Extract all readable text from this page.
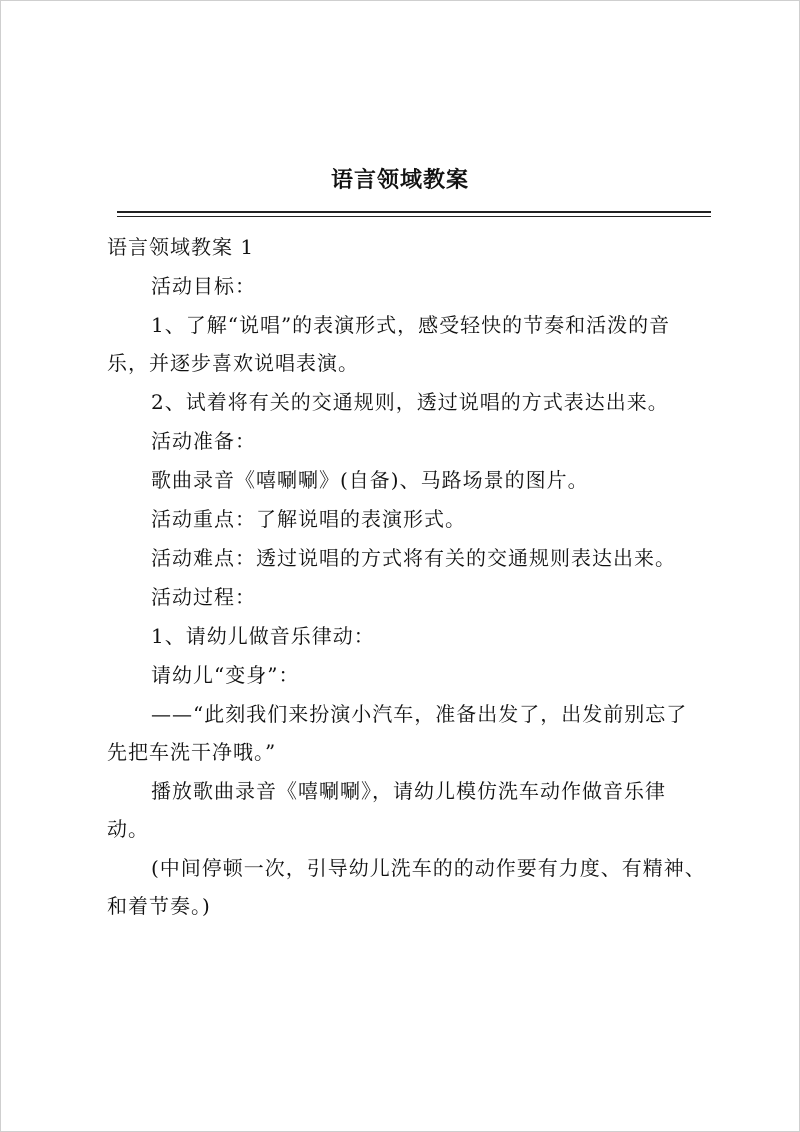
语言领域教案

语言领域教案 1

活动目标：

1、了解“说唱”的表演形式，感受轻快的节奏和活泼的音乐，并逐步喜欢说唱表演。

2、试着将有关的交通规则，透过说唱的方式表达出来。

活动准备：

歌曲录音《嘻唰唰》(自备)、马路场景的图片。

活动重点：了解说唱的表演形式。

活动难点：透过说唱的方式将有关的交通规则表达出来。

活动过程：

1、请幼儿做音乐律动：

请幼儿“变身”：

——“此刻我们来扮演小汽车，准备出发了，出发前别忘了先把车洗干净哦。”

播放歌曲录音《嘻唰唰》，请幼儿模仿洗车动作做音乐律动。

(中间停顿一次，引导幼儿洗车的的动作要有力度、有精神、和着节奏。)
